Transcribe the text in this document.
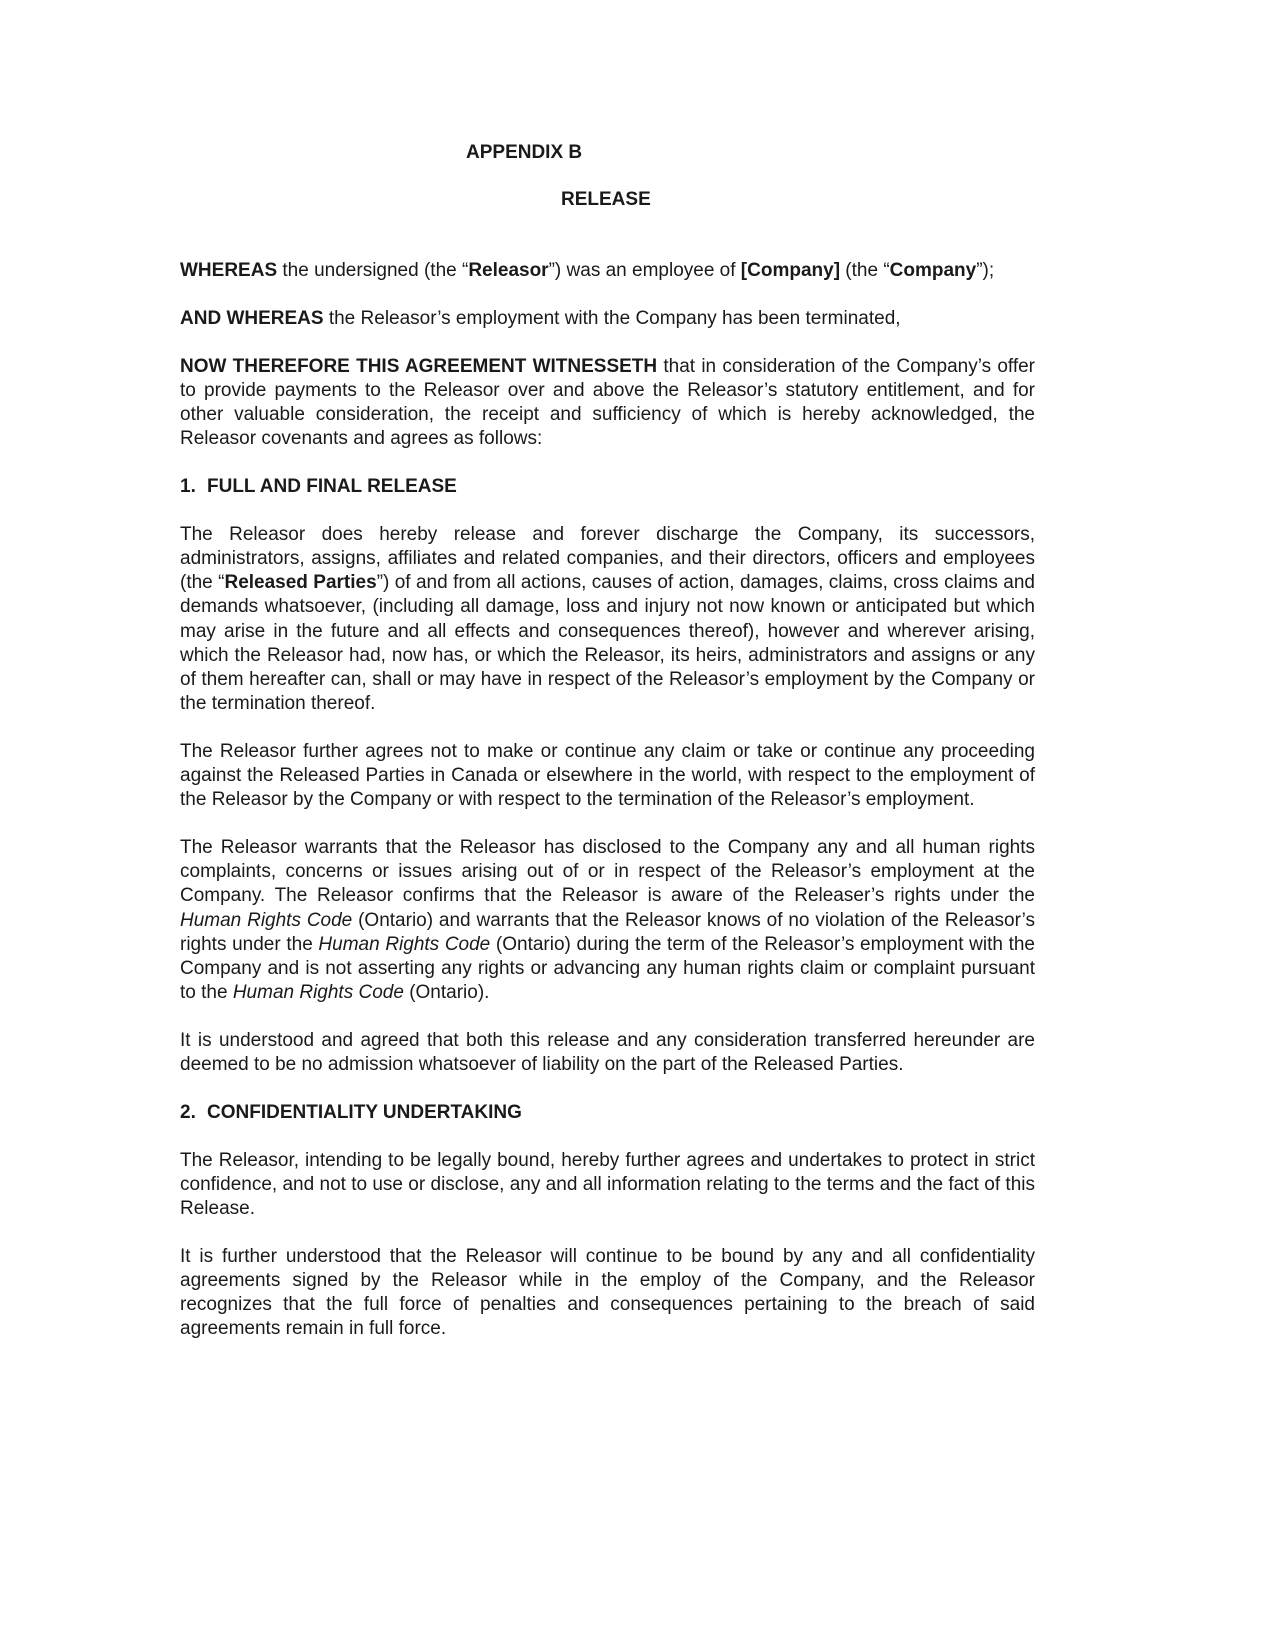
APPENDIX B
RELEASE

WHEREAS the undersigned (the “Releasor”) was an employee of [Company] (the “Company”);

AND WHEREAS the Releasor’s employment with the Company has been terminated,

NOW THEREFORE THIS AGREEMENT WITNESSETH that in consideration of the Company’s offer to provide payments to the Releasor over and above the Releasor’s statutory entitlement, and for other valuable consideration, the receipt and sufficiency of which is hereby acknowledged, the Releasor covenants and agrees as follows:

1. FULL AND FINAL RELEASE

The Releasor does hereby release and forever discharge the Company, its successors, administrators, assigns, affiliates and related companies, and their directors, officers and employees (the “Released Parties”) of and from all actions, causes of action, damages, claims, cross claims and demands whatsoever, (including all damage, loss and injury not now known or anticipated but which may arise in the future and all effects and consequences thereof), however and wherever arising, which the Releasor had, now has, or which the Releasor, its heirs, administrators and assigns or any of them hereafter can, shall or may have in respect of the Releasor’s employment by the Company or the termination thereof.

The Releasor further agrees not to make or continue any claim or take or continue any proceeding against the Released Parties in Canada or elsewhere in the world, with respect to the employment of the Releasor by the Company or with respect to the termination of the Releasor’s employment.

The Releasor warrants that the Releasor has disclosed to the Company any and all human rights complaints, concerns or issues arising out of or in respect of the Releasor’s employment at the Company. The Releasor confirms that the Releasor is aware of the Releaser’s rights under the Human Rights Code (Ontario) and warrants that the Releasor knows of no violation of the Releasor’s rights under the Human Rights Code (Ontario) during the term of the Releasor’s employment with the Company and is not asserting any rights or advancing any human rights claim or complaint pursuant to the Human Rights Code (Ontario).

It is understood and agreed that both this release and any consideration transferred hereunder are deemed to be no admission whatsoever of liability on the part of the Released Parties.

2. CONFIDENTIALITY UNDERTAKING

The Releasor, intending to be legally bound, hereby further agrees and undertakes to protect in strict confidence, and not to use or disclose, any and all information relating to the terms and the fact of this Release.

It is further understood that the Releasor will continue to be bound by any and all confidentiality agreements signed by the Releasor while in the employ of the Company, and the Releasor recognizes that the full force of penalties and consequences pertaining to the breach of said agreements remain in full force.
